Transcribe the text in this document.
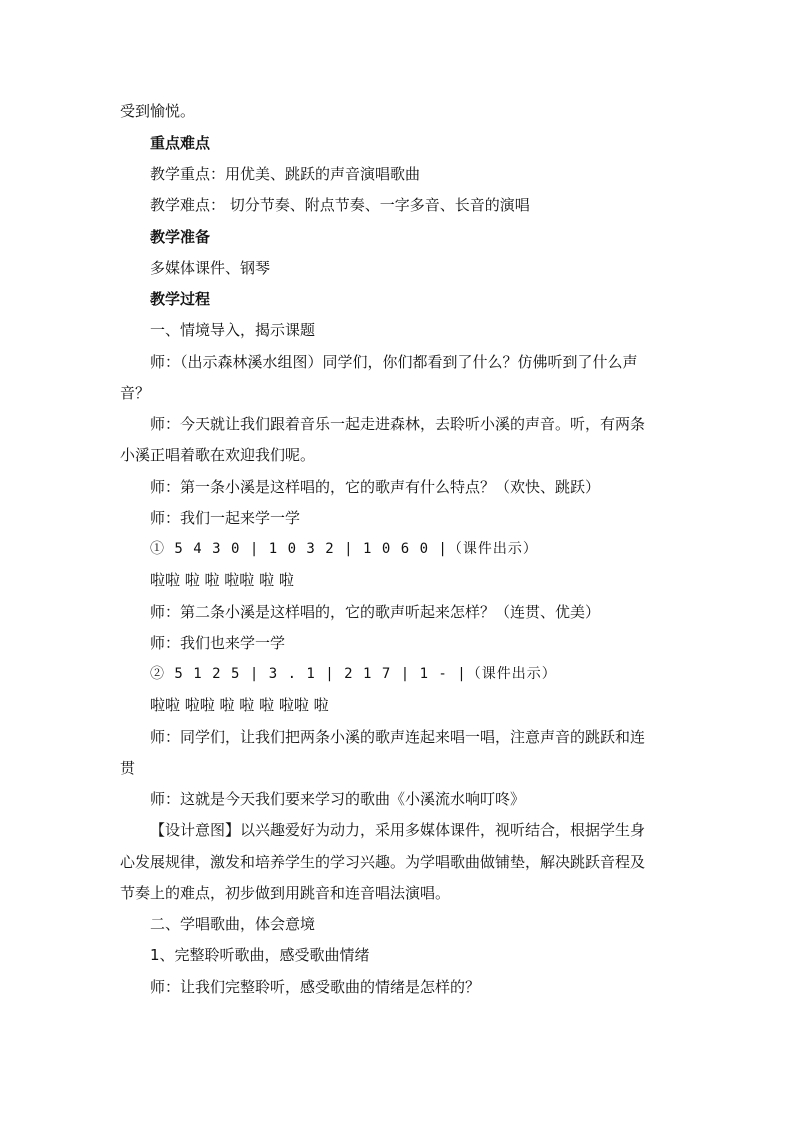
受到愉悦。
重点难点
教学重点：用优美、跳跃的声音演唱歌曲
教学难点： 切分节奏、附点节奏、一字多音、长音的演唱
教学准备
多媒体课件、钢琴
教学过程
一、情境导入，揭示课题
师：（出示森林溪水组图）同学们，你们都看到了什么？仿佛听到了什么声
音？
师：今天就让我们跟着音乐一起走进森林，去聆听小溪的声音。听，有两条
小溪正唱着歌在欢迎我们呢。
师：第一条小溪是这样唱的，它的歌声有什么特点？（欢快、跳跃）
师：我们一起来学一学
① 5 4 3 0 | 1 0 3 2 | 1 0 6 0 |（课件出示）
啦啦 啦 啦 啦啦 啦 啦
师：第二条小溪是这样唱的，它的歌声听起来怎样？（连贯、优美）
师：我们也来学一学
② 5 1 2 5 | 3 . 1 | 2 1 7 | 1 - |（课件出示）
啦啦 啦啦 啦 啦 啦 啦啦 啦
师：同学们，让我们把两条小溪的歌声连起来唱一唱，注意声音的跳跃和连
贯
师：这就是今天我们要来学习的歌曲《小溪流水响叮咚》
【设计意图】以兴趣爱好为动力，采用多媒体课件，视听结合，根据学生身
心发展规律，激发和培养学生的学习兴趣。为学唱歌曲做铺垫，解决跳跃音程及
节奏上的难点，初步做到用跳音和连音唱法演唱。
二、学唱歌曲，体会意境
1、完整聆听歌曲，感受歌曲情绪
师：让我们完整聆听，感受歌曲的情绪是怎样的？
